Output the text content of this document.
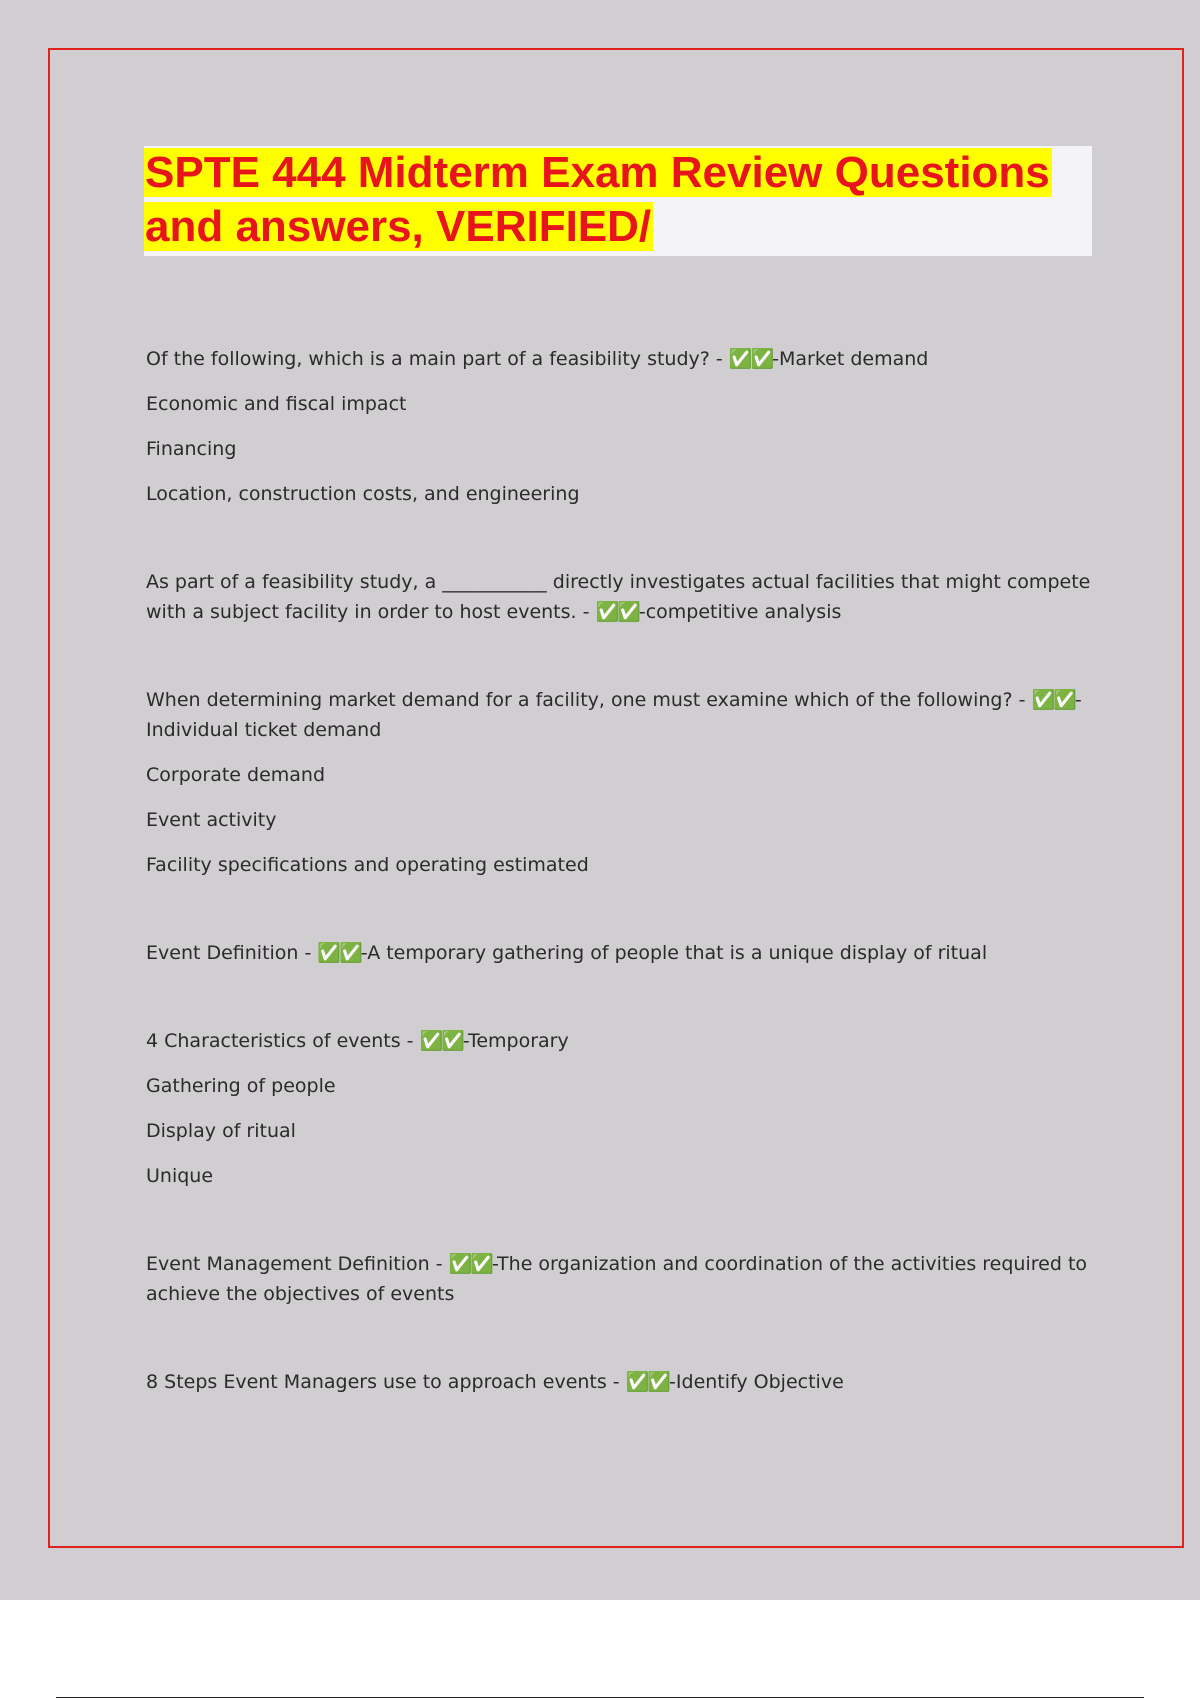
SPTE 444 Midterm Exam Review Questions and answers, VERIFIED/

Of the following, which is a main part of a feasibility study? - ✅✅-Market demand

Economic and fiscal impact

Financing

Location, construction costs, and engineering

As part of a feasibility study, a ___________ directly investigates actual facilities that might compete with a subject facility in order to host events. - ✅✅-competitive analysis

When determining market demand for a facility, one must examine which of the following? - ✅✅-Individual ticket demand

Corporate demand

Event activity

Facility specifications and operating estimated

Event Definition - ✅✅-A temporary gathering of people that is a unique display of ritual

4 Characteristics of events - ✅✅-Temporary

Gathering of people

Display of ritual

Unique

Event Management Definition - ✅✅-The organization and coordination of the activities required to achieve the objectives of events

8 Steps Event Managers use to approach events - ✅✅-Identify Objective
